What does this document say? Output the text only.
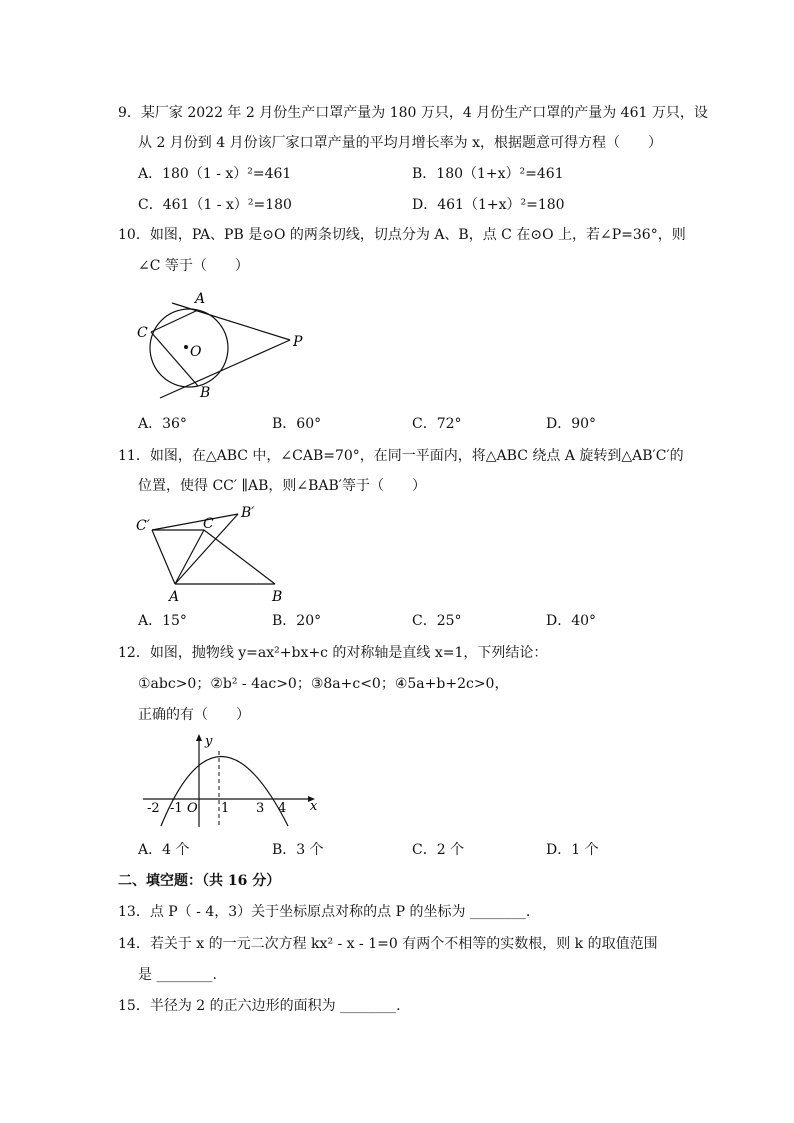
9．某厂家 2022 年 2 月份生产口罩产量为 180 万只，4 月份生产口罩的产量为 461 万只，设
从 2 月份到 4 月份该厂家口罩产量的平均月增长率为 x，根据题意可得方程（　　）
A．180（1 - x）²=461	B．180（1+x）²=461
C．461（1 - x）²=180	D．461（1+x）²=180
10．如图，PA、PB 是⊙O 的两条切线，切点分为 A、B，点 C 在⊙O 上，若∠P=36°，则
∠C 等于（　　）
A
C
O
P
B
A．36°	B．60°	C．72°	D．90°
11．如图，在△ABC 中，∠CAB=70°，在同一平面内，将△ABC 绕点 A 旋转到△AB′C′的
位置，使得 CC′ ∥AB，则∠BAB′等于（　　）
C′	C
B′
A	B
A．15°	B．20°	C．25°	D．40°
12．如图，抛物线 y=ax²+bx+c 的对称轴是直线 x=1，下列结论：
①abc>0；②b² - 4ac>0；③8a+c<0；④5a+b+2c>0，
正确的有（　　）
y
x
-2 -1 O 1 3 4
A．4 个	B．3 个	C．2 个	D．1 个
二、填空题：（共 16 分）
13．点 P（ - 4，3）关于坐标原点对称的点 P 的坐标为 ________.
14．若关于 x 的一元二次方程 kx² - x - 1=0 有两个不相等的实数根，则 k 的取值范围
是 ________.
15．半径为 2 的正六边形的面积为 ________.
